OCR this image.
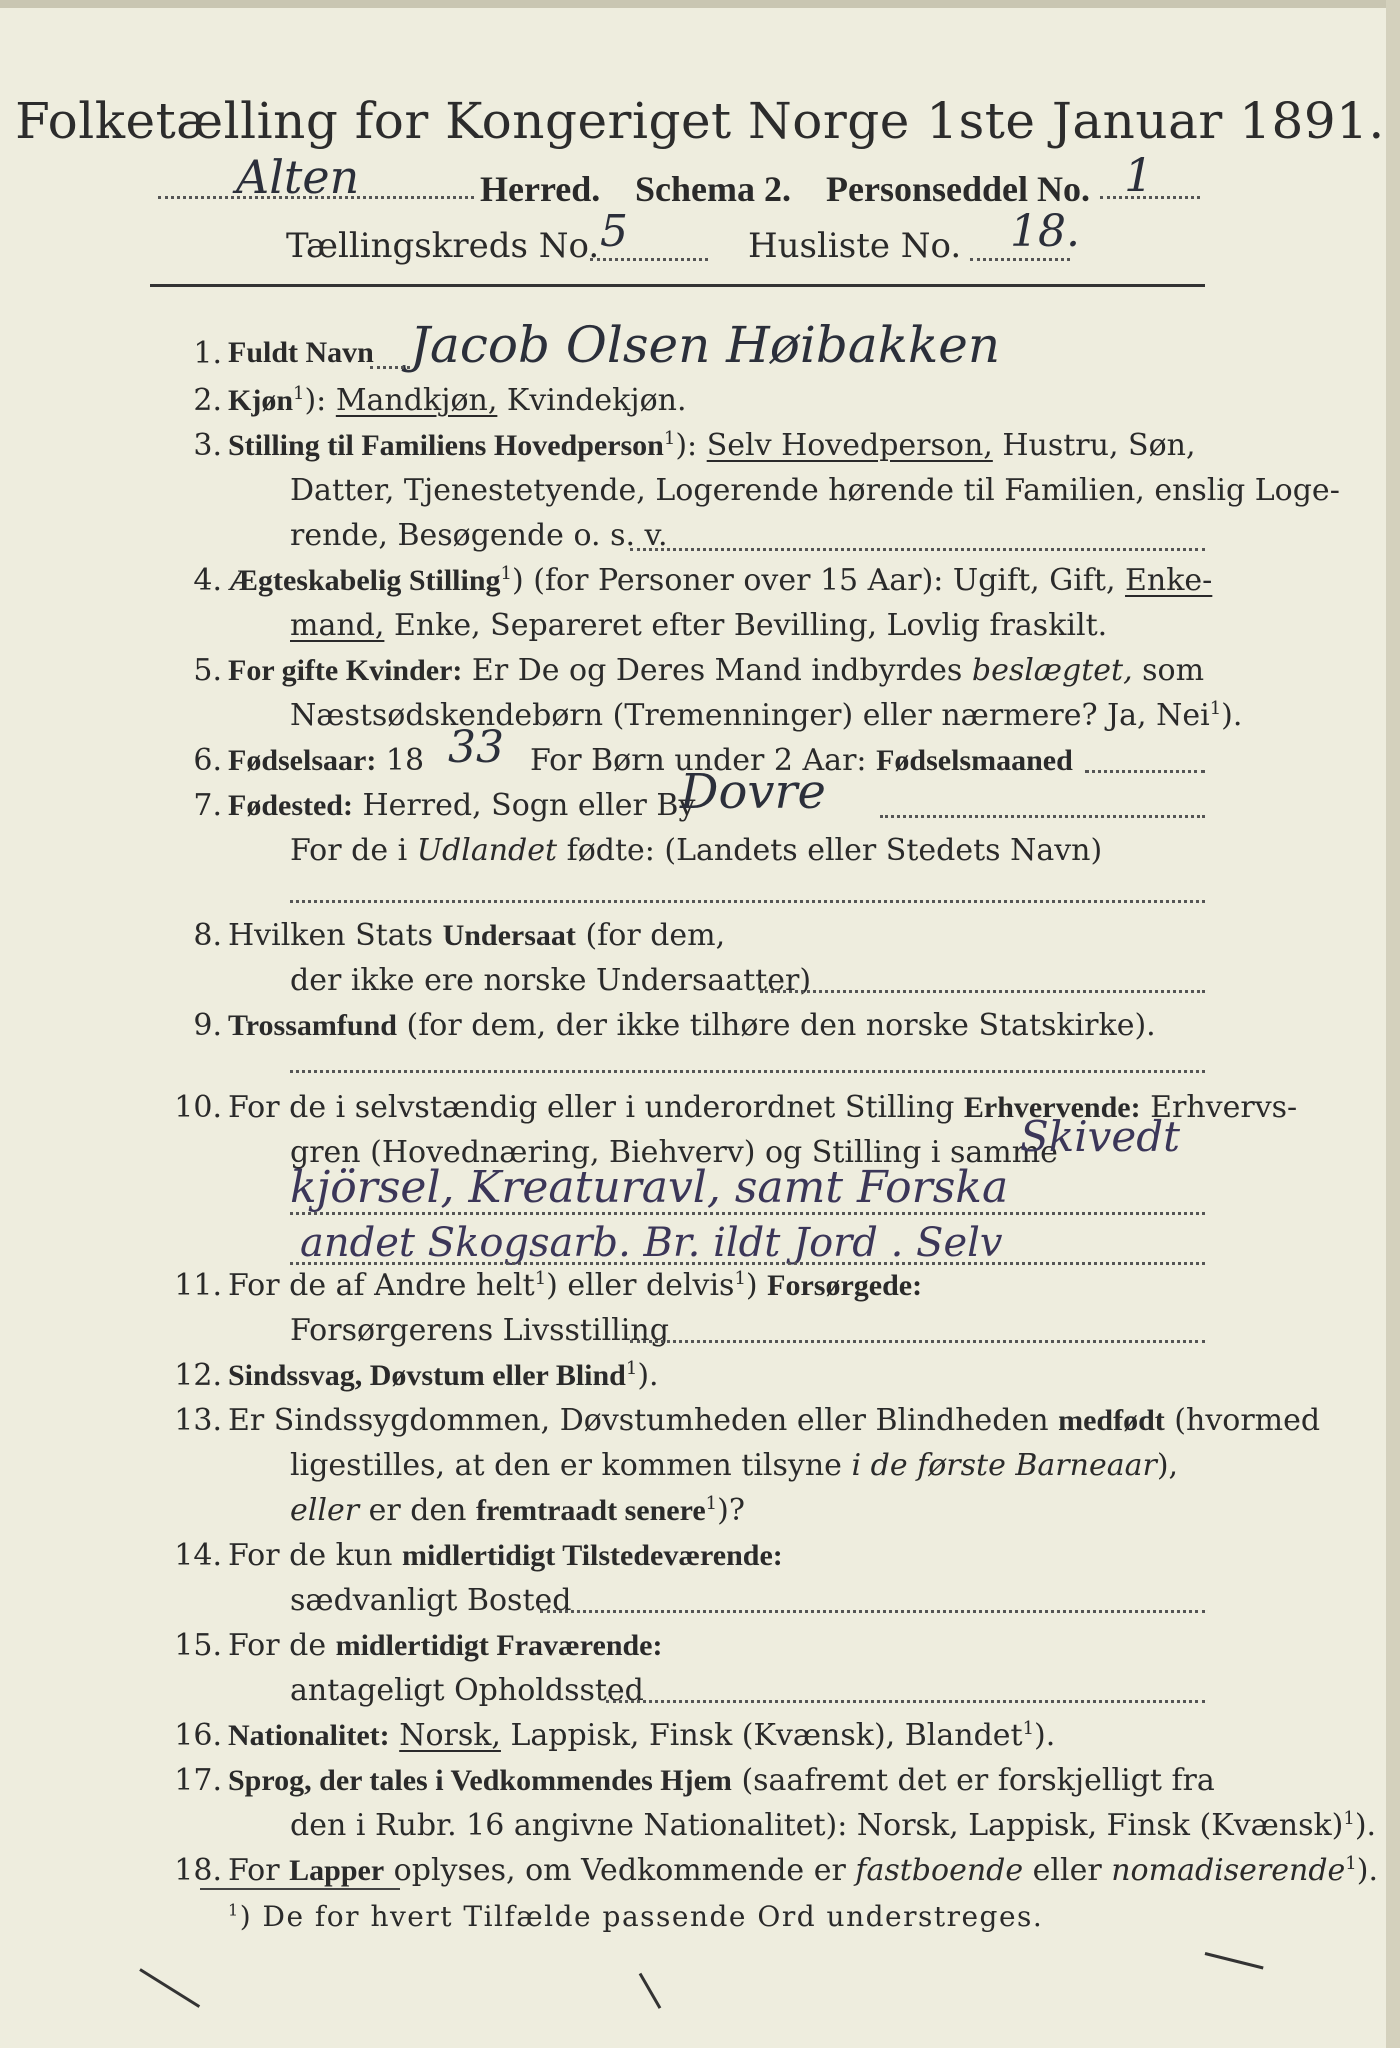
Folketælling for Kongeriget Norge 1ste Januar 1891.
Alten	Herred. Schema 2. Personseddel No. 1
Tællingskreds No. 5	Husliste No. 18.
1. Fuldt Navn Jacob Olsen Høibakken
2. Kjøn$^1$): Mandkjøn, Kvindekjøn.
3. Stilling til Familiens Hovedperson$^1$): Selv Hovedperson, Hustru, Søn,
Datter, Tjenestetyende, Logerende hørende til Familien, enslig Loge-
rende, Besøgende o. s. v.
4. Ægteskabelig Stilling$^1$) (for Personer over 15 Aar): Ugift, Gift, Enke-
mand, Enke, Separeret efter Bevilling, Lovlig fraskilt.
5. For gifte Kvinder: Er De og Deres Mand indbyrdes beslægtet, som
Næstsødskendebørn (Tremenninger) eller nærmere? Ja, Nei$^1$).
6. Fødselsaar: 18 33 For Børn under 2 Aar: Fødselsmaaned
7. Fødested: Herred, Sogn eller By
Dovre
For de i Udlandet fødte: (Landets eller Stedets Navn)
8. Hvilken Stats Undersaat (for dem,
der ikke ere norske Undersaatter)
9. Trossamfund (for dem, der ikke tilhøre den norske Statskirke).
10. For de i selvstændig eller i underordnet Stilling Erhvervende: Erhvervs-
gren (Hovednæring, Biehverv) og Stilling i samme
Skivedt
kjörsel, Kreaturavl, samt Forska
andet Skogsarb. Br. ildt Jord . Selv
11. For de af Andre helt$^1$) eller delvis$^1$) Forsørgede:
Forsørgerens Livsstilling
12. Sindssvag, Døvstum eller Blind$^1$).
13. Er Sindssygdommen, Døvstumheden eller Blindheden medfødt (hvormed
ligestilles, at den er kommen tilsyne i de første Barneaar),
eller er den fremtraadt senere$^1$)?
14. For de kun midlertidigt Tilstedeværende:
sædvanligt Bosted
15. For de midlertidigt Fraværende:
antageligt Opholdssted
16. Nationalitet: Norsk, Lappisk, Finsk (Kvænsk), Blandet$^1$).
17. Sprog, der tales i Vedkommendes Hjem (saafremt det er forskjelligt fra
den i Rubr. 16 angivne Nationalitet): Norsk, Lappisk, Finsk (Kvænsk)$^1$).
18. For Lapper oplyses, om Vedkommende er fastboende eller nomadiserende$^1$).
$^1$) De for hvert Tilfælde passende Ord understreges.
